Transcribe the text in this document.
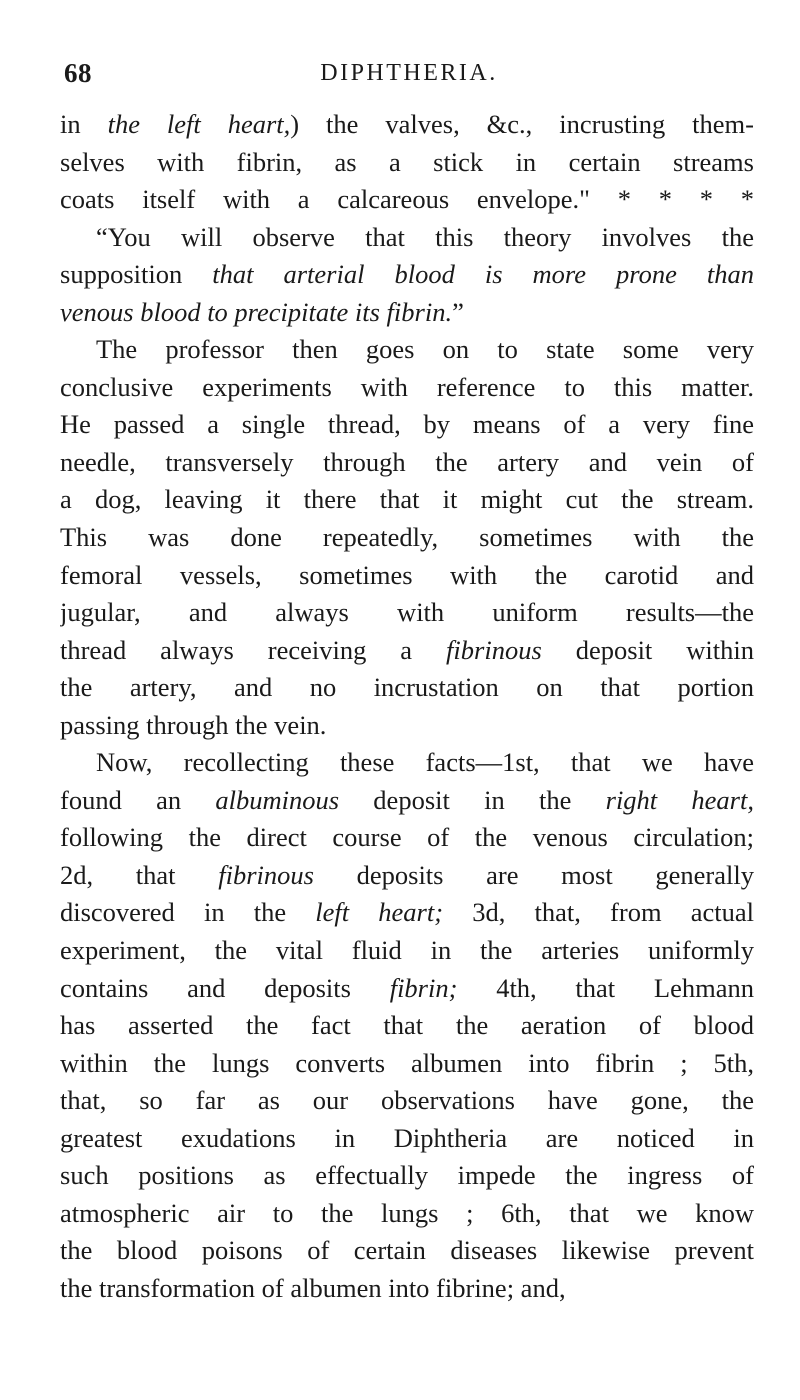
68	DIPHTHERIA.
in the left heart,) the valves, &c., incrusting them-
selves with fibrin, as a stick in certain streams
coats itself with a calcareous envelope." * * * *
“You will observe that this theory involves the
supposition that arterial blood is more prone than
venous blood to precipitate its fibrin.”
The professor then goes on to state some very
conclusive experiments with reference to this matter.
He passed a single thread, by means of a very fine
needle, transversely through the artery and vein of
a dog, leaving it there that it might cut the stream.
This was done repeatedly, sometimes with the
femoral vessels, sometimes with the carotid and
jugular, and always with uniform results—the
thread always receiving a fibrinous deposit within
the artery, and no incrustation on that portion
passing through the vein.
Now, recollecting these facts—1st, that we have
found an albuminous deposit in the right heart,
following the direct course of the venous circulation;
2d, that fibrinous deposits are most generally
discovered in the left heart; 3d, that, from actual
experiment, the vital fluid in the arteries uniformly
contains and deposits fibrin; 4th, that Lehmann
has asserted the fact that the aeration of blood
within the lungs converts albumen into fibrin ; 5th,
that, so far as our observations have gone, the
greatest exudations in Diphtheria are noticed in
such positions as effectually impede the ingress of
atmospheric air to the lungs ; 6th, that we know
the blood poisons of certain diseases likewise prevent
the transformation of albumen into fibrine; and,
